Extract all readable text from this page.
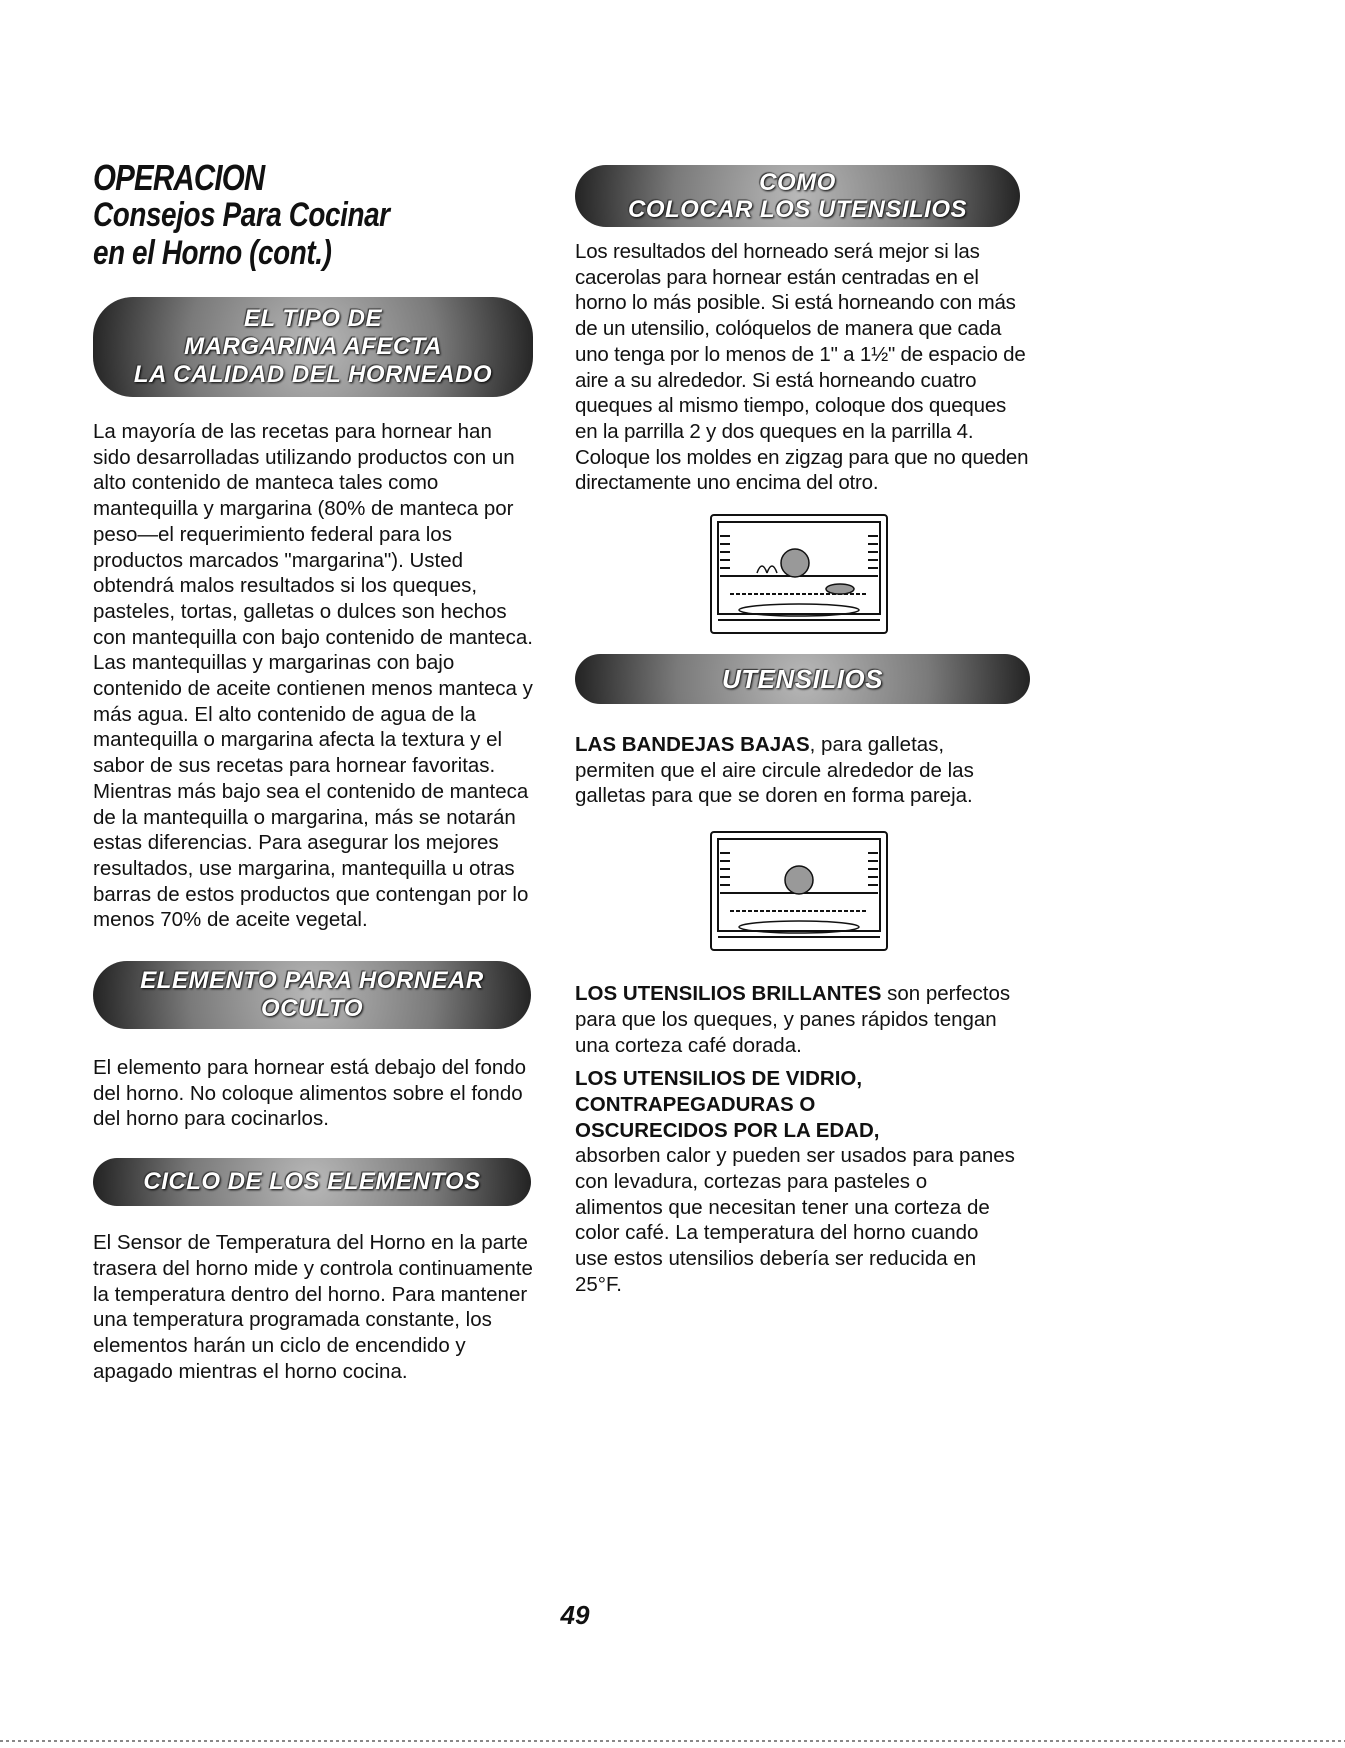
OPERACION
Consejos Para Cocinar
en el Horno (cont.)
EL TIPO DE
MARGARINA AFECTA
LA CALIDAD DEL HORNEADO

La mayoría de las recetas para hornear han sido desarrolladas utilizando productos con un alto contenido de manteca tales como mantequilla y margarina (80% de manteca por peso—el requerimiento federal para los productos marcados "margarina"). Usted obtendrá malos resultados si los queques, pasteles, tortas, galletas o dulces son hechos con mantequilla con bajo contenido de manteca. Las mantequillas y margarinas con bajo contenido de aceite contienen menos manteca y más agua. El alto contenido de agua de la mantequilla o margarina afecta la textura y el sabor de sus recetas para hornear favoritas. Mientras más bajo sea el contenido de manteca de la mantequilla o margarina, más se notarán estas diferencias. Para asegurar los mejores resultados, use margarina, mantequilla u otras barras de estos productos que contengan por lo menos 70% de aceite vegetal.

ELEMENTO PARA HORNEAR
OCULTO

El elemento para hornear está debajo del fondo del horno. No coloque alimentos sobre el fondo del horno para cocinarlos.

CICLO DE LOS ELEMENTOS

El Sensor de Temperatura del Horno en la parte trasera del horno mide y controla continuamente la temperatura dentro del horno. Para mantener una temperatura programada constante, los elementos harán un ciclo de encendido y apagado mientras el horno cocina.

COMO
COLOCAR LOS UTENSILIOS

Los resultados del horneado será mejor si las cacerolas para hornear están centradas en el horno lo más posible. Si está horneando con más de un utensilio, colóquelos de manera que cada uno tenga por lo menos de 1" a 1½" de espacio de aire a su alrededor. Si está horneando cuatro queques al mismo tiempo, coloque dos queques en la parrilla 2 y dos queques en la parrilla 4. Coloque los moldes en zigzag para que no queden directamente uno encima del otro.

UTENSILIOS

LAS BANDEJAS BAJAS, para galletas, permiten que el aire circule alrededor de las galletas para que se doren en forma pareja.

LOS UTENSILIOS BRILLANTES son perfectos para que los queques, y panes rápidos tengan una corteza café dorada.

LOS UTENSILIOS DE VIDRIO, CONTRAPEGADURAS O OSCURECIDOS POR LA EDAD,

absorben calor y pueden ser usados para panes con levadura, cortezas para pasteles o alimentos que necesitan tener una corteza de color café. La temperatura del horno cuando use estos utensilios debería ser reducida en 25°F.

49
